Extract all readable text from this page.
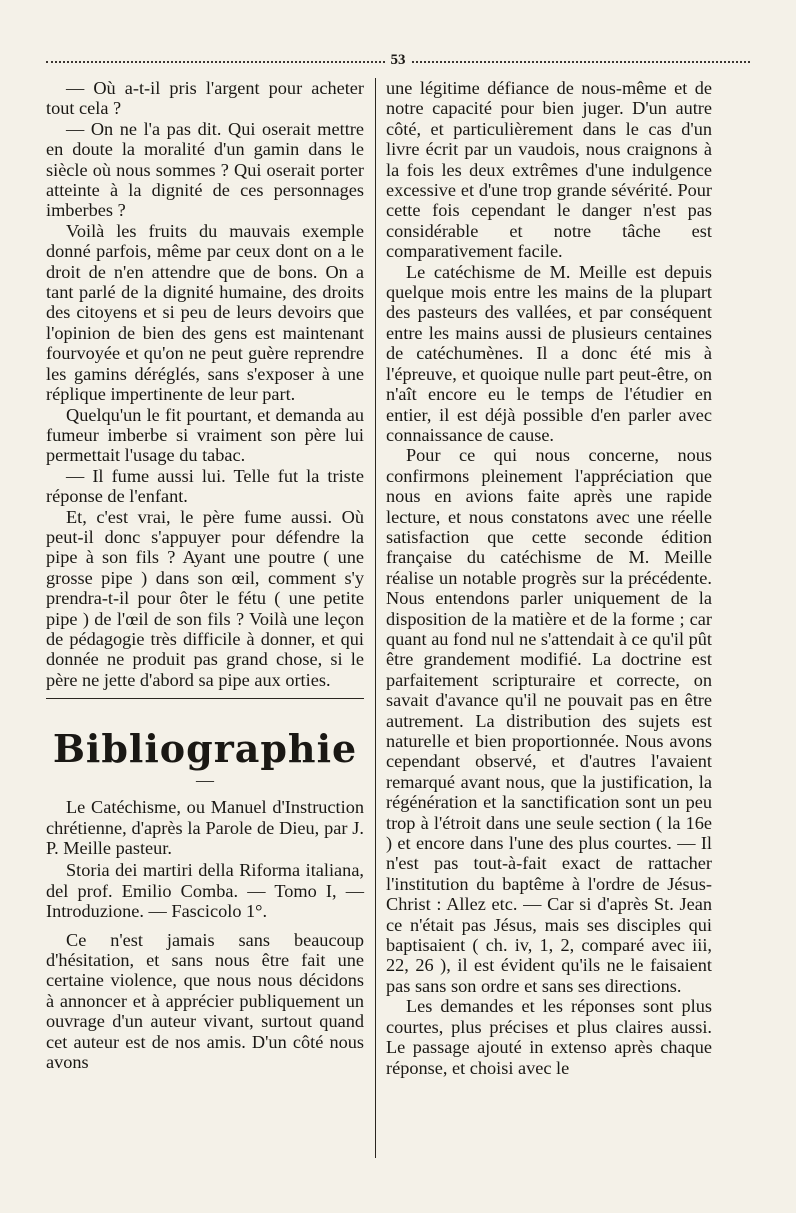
53

— Où a-t-il pris l'argent pour acheter tout cela ?

— On ne l'a pas dit. Qui oserait mettre en doute la moralité d'un gamin dans le siècle où nous sommes ? Qui oserait porter atteinte à la dignité de ces personnages imberbes ?

Voilà les fruits du mauvais exemple donné parfois, même par ceux dont on a le droit de n'en attendre que de bons. On a tant parlé de la dignité humaine, des droits des citoyens et si peu de leurs devoirs que l'opinion de bien des gens est maintenant fourvoyée et qu'on ne peut guère reprendre les gamins déréglés, sans s'exposer à une réplique impertinente de leur part.

Quelqu'un le fit pourtant, et demanda au fumeur imberbe si vraiment son père lui permettait l'usage du tabac.

— Il fume aussi lui. Telle fut la triste réponse de l'enfant.

Et, c'est vrai, le père fume aussi. Où peut-il donc s'appuyer pour défendre la pipe à son fils ? Ayant une poutre ( une grosse pipe ) dans son œil, comment s'y prendra-t-il pour ôter le fétu ( une petite pipe ) de l'œil de son fils ? Voilà une leçon de pédagogie très difficile à donner, et qui donnée ne produit pas grand chose, si le père ne jette d'abord sa pipe aux orties.

Bibliographie
—

Le Catéchisme, ou Manuel d'Instruction chrétienne, d'après la Parole de Dieu, par J. P. Meille pasteur.

Storia dei martiri della Riforma italiana, del prof. Emilio Comba. — Tomo I, — Introduzione. — Fascicolo 1°.

Ce n'est jamais sans beaucoup d'hésitation, et sans nous être fait une certaine violence, que nous nous décidons à annoncer et à apprécier publiquement un ouvrage d'un auteur vivant, surtout quand cet auteur est de nos amis. D'un côté nous avons

une légitime défiance de nous-même et de notre capacité pour bien juger. D'un autre côté, et particulièrement dans le cas d'un livre écrit par un vaudois, nous craignons à la fois les deux extrêmes d'une indulgence excessive et d'une trop grande sévérité. Pour cette fois cependant le danger n'est pas considérable et notre tâche est comparativement facile.

Le catéchisme de M. Meille est depuis quelque mois entre les mains de la plupart des pasteurs des vallées, et par conséquent entre les mains aussi de plusieurs centaines de catéchumènes. Il a donc été mis à l'épreuve, et quoique nulle part peut-être, on n'aît encore eu le temps de l'étudier en entier, il est déjà possible d'en parler avec connaissance de cause.

Pour ce qui nous concerne, nous confirmons pleinement l'appréciation que nous en avions faite après une rapide lecture, et nous constatons avec une réelle satisfaction que cette seconde édition française du catéchisme de M. Meille réalise un notable progrès sur la précédente. Nous entendons parler uniquement de la disposition de la matière et de la forme ; car quant au fond nul ne s'attendait à ce qu'il pût être grandement modifié. La doctrine est parfaitement scripturaire et correcte, on savait d'avance qu'il ne pouvait pas en être autrement. La distribution des sujets est naturelle et bien proportionnée. Nous avons cependant observé, et d'autres l'avaient remarqué avant nous, que la justification, la régénération et la sanctification sont un peu trop à l'étroit dans une seule section ( la 16e ) et encore dans l'une des plus courtes. — Il n'est pas tout-à-fait exact de rattacher l'institution du baptême à l'ordre de Jésus-Christ : Allez etc. — Car si d'après St. Jean ce n'était pas Jésus, mais ses disciples qui baptisaient ( ch. iv, 1, 2, comparé avec iii, 22, 26 ), il est évident qu'ils ne le faisaient pas sans son ordre et sans ses directions.

Les demandes et les réponses sont plus courtes, plus précises et plus claires aussi. Le passage ajouté in extenso après chaque réponse, et choisi avec le
